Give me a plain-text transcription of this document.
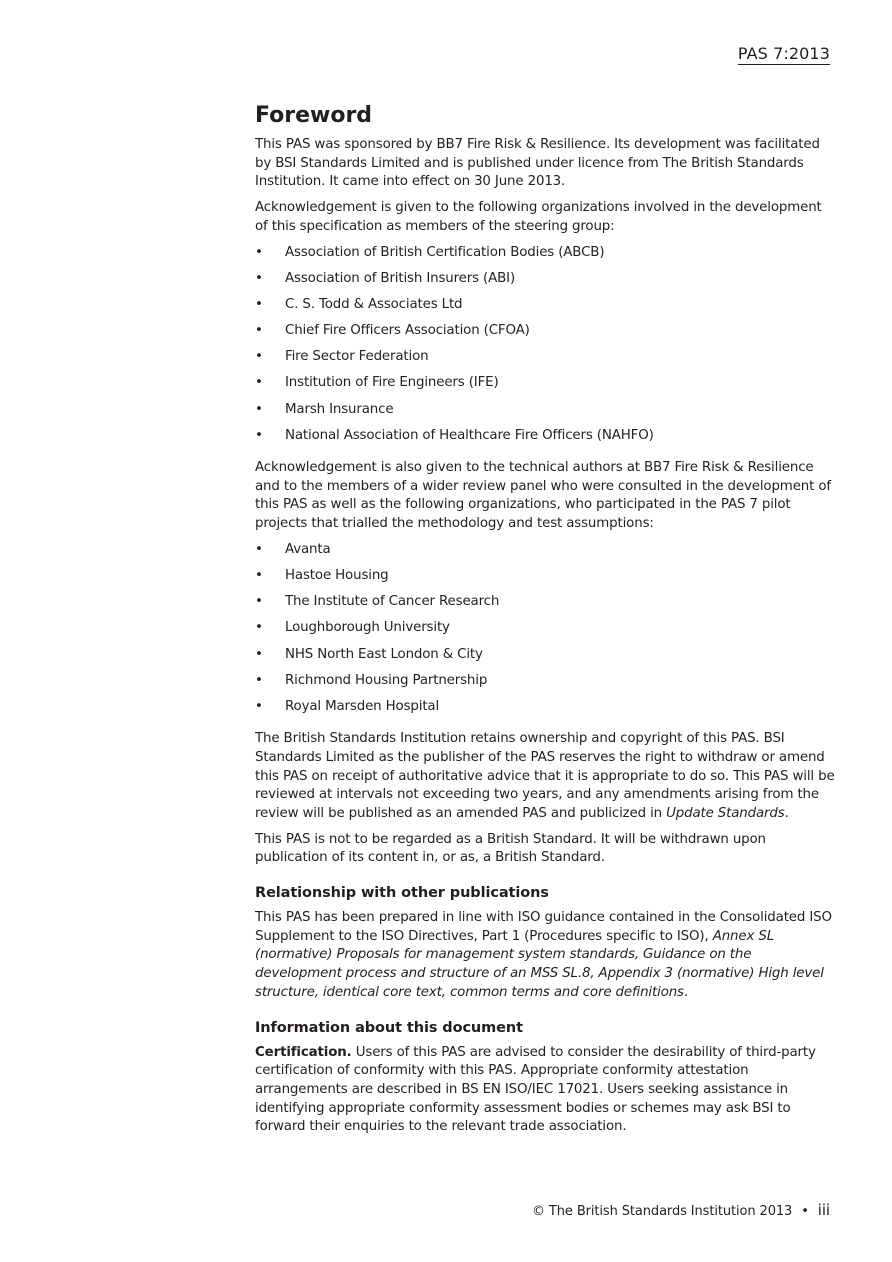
PAS 7:2013
Foreword

This PAS was sponsored by BB7 Fire Risk & Resilience. Its development was facilitated by BSI Standards Limited and is published under licence from The British Standards Institution. It came into effect on 30 June 2013.

Acknowledgement is given to the following organizations involved in the development of this specification as members of the steering group:

• Association of British Certification Bodies (ABCB)
• Association of British Insurers (ABI)
• C. S. Todd & Associates Ltd
• Chief Fire Officers Association (CFOA)
• Fire Sector Federation
• Institution of Fire Engineers (IFE)
• Marsh Insurance
• National Association of Healthcare Fire Officers (NAHFO)

Acknowledgement is also given to the technical authors at BB7 Fire Risk & Resilience and to the members of a wider review panel who were consulted in the development of this PAS as well as the following organizations, who participated in the PAS 7 pilot projects that trialled the methodology and test assumptions:

• Avanta
• Hastoe Housing
• The Institute of Cancer Research
• Loughborough University
• NHS North East London & City
• Richmond Housing Partnership
• Royal Marsden Hospital

The British Standards Institution retains ownership and copyright of this PAS. BSI Standards Limited as the publisher of the PAS reserves the right to withdraw or amend this PAS on receipt of authoritative advice that it is appropriate to do so. This PAS will be reviewed at intervals not exceeding two years, and any amendments arising from the review will be published as an amended PAS and publicized in Update Standards.

This PAS is not to be regarded as a British Standard. It will be withdrawn upon publication of its content in, or as, a British Standard.

Relationship with other publications

This PAS has been prepared in line with ISO guidance contained in the Consolidated ISO Supplement to the ISO Directives, Part 1 (Procedures specific to ISO), Annex SL (normative) Proposals for management system standards, Guidance on the development process and structure of an MSS SL.8, Appendix 3 (normative) High level structure, identical core text, common terms and core definitions.

Information about this document

Certification. Users of this PAS are advised to consider the desirability of third-party certification of conformity with this PAS. Appropriate conformity attestation arrangements are described in BS EN ISO/IEC 17021. Users seeking assistance in identifying appropriate conformity assessment bodies or schemes may ask BSI to forward their enquiries to the relevant trade association.

© The British Standards Institution 2013 • iii
